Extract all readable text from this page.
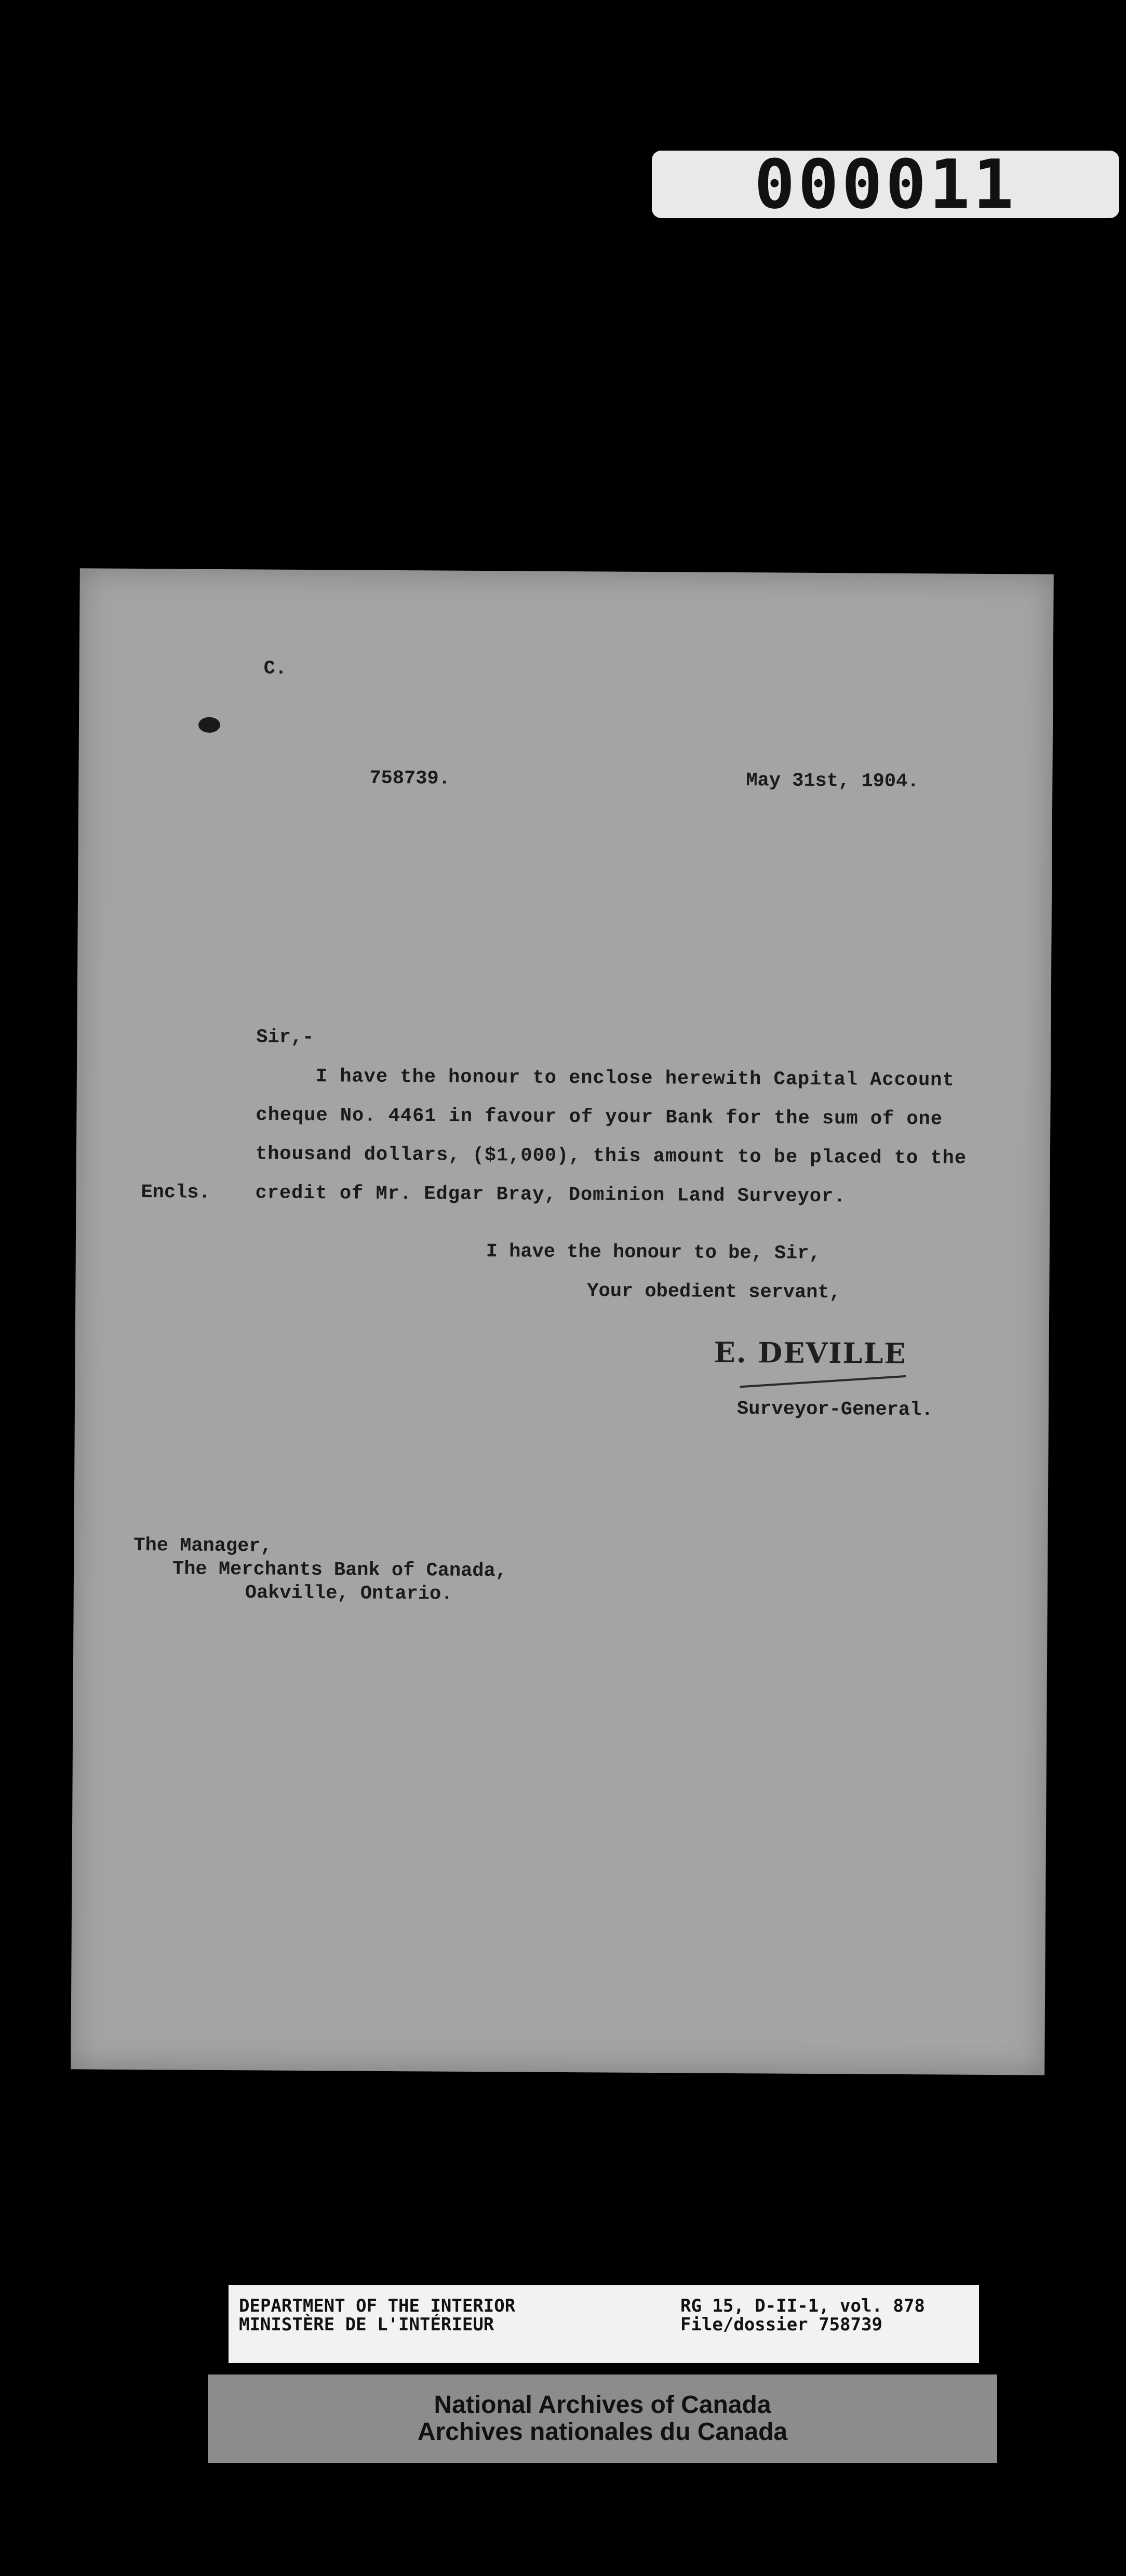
000011
C.
758739.	May 31st, 1904.
Sir,-
I have the honour to enclose herewith Capital Account
cheque No. 4461 in favour of your Bank for the sum of one
thousand dollars, ($1,000), this amount to be placed to the
credit of Mr. Edgar Bray, Dominion Land Surveyor.
Encls.
I have the honour to be, Sir,
Your obedient servant,
E. DEVILLE
Surveyor-General.
The Manager,
The Merchants Bank of Canada,
Oakville, Ontario.
DEPARTMENT OF THE INTERIOR
MINISTÈRE DE L'INTÉRIEUR
RG 15, D-II-1, vol. 878
File/dossier 758739
National Archives of Canada
Archives nationales du Canada
